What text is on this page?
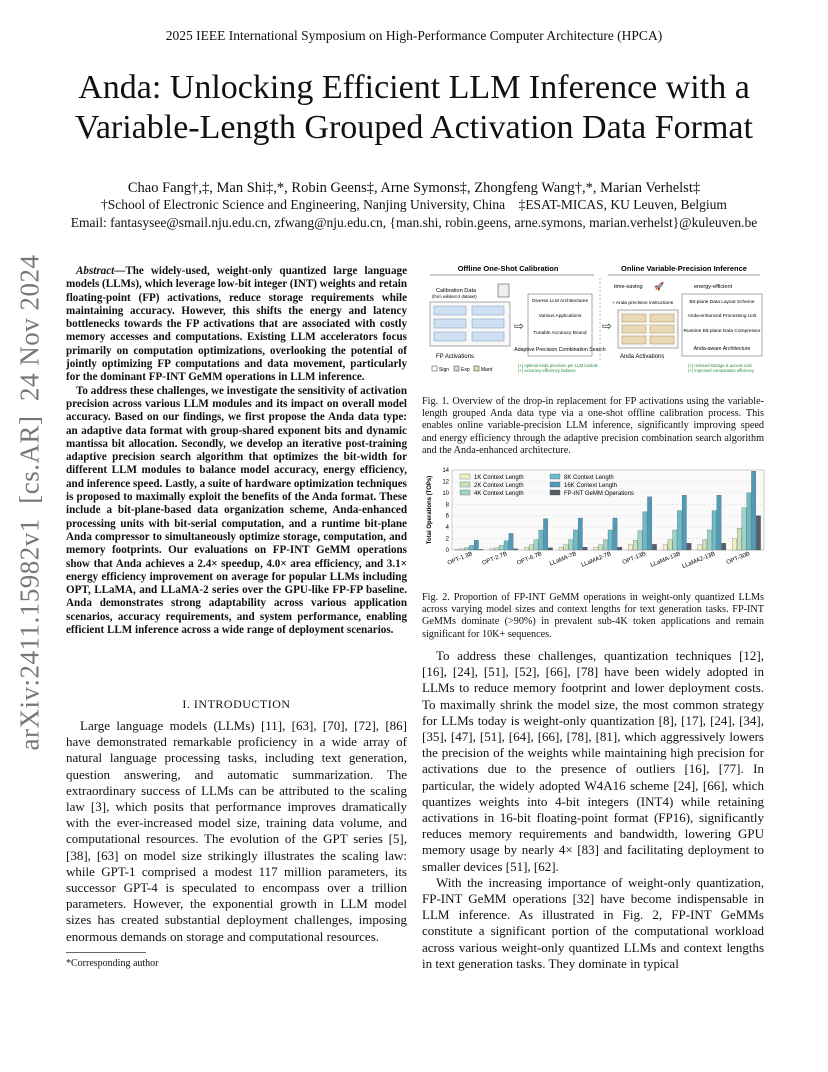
2025 IEEE International Symposium on High-Performance Computer Architecture (HPCA)
Anda: Unlocking Efficient LLM Inference with a Variable-Length Grouped Activation Data Format
Chao Fang†,‡, Man Shi‡,*, Robin Geens‡, Arne Symons‡, Zhongfeng Wang†,*, Marian Verhelst‡
†School of Electronic Science and Engineering, Nanjing University, China    ‡ESAT-MICAS, KU Leuven, Belgium
Email: fantasysee@smail.nju.edu.cn, zfwang@nju.edu.cn, {man.shi, robin.geens, arne.symons, marian.verhelst}@kuleuven.be
arXiv:2411.15982v1  [cs.AR]  24 Nov 2024	Abstract—The widely-used, weight-only quantized large language models (LLMs), which leverage low-bit integer (INT) weights and retain floating-point (FP) activations, reduce storage requirements while maintaining accuracy. However, this shifts the energy and latency bottlenecks towards the FP activations that are associated with costly memory accesses and computations. Existing LLM accelerators focus primarily on computation optimizations, overlooking the potential of jointly optimizing FP computations and data movement, particularly for the dominant FP-INT GeMM operations in LLM inference.

To address these challenges, we investigate the sensitivity of activation precision across various LLM modules and its impact on overall model accuracy. Based on our findings, we first propose the Anda data type: an adaptive data format with group-shared exponent bits and dynamic mantissa bit allocation. Secondly, we develop an iterative post-training adaptive precision search algorithm that optimizes the bit-width for different LLM modules to balance model accuracy, energy efficiency, and inference speed. Lastly, a suite of hardware optimization techniques is proposed to maximally exploit the benefits of the Anda format. These include a bit-plane-based data organization scheme, Anda-enhanced processing units with bit-serial computation, and a runtime bit-plane Anda compressor to simultaneously optimize storage, computation, and memory footprints. Our evaluations on FP-INT GeMM operations show that Anda achieves a 2.4× speedup, 4.0× area efficiency, and 3.1× energy efficiency improvement on average for popular LLMs including OPT, LLaMA, and LLaMA-2 series over the GPU-like FP-FP baseline. Anda demonstrates strong adaptability across various application scenarios, accuracy requirements, and system performance, enabling efficient LLM inference across a wide range of deployment scenarios.

I. INTRODUCTION

Large language models (LLMs) [11], [63], [70], [72], [86] have demonstrated remarkable proficiency in a wide array of natural language processing tasks, including text generation, question answering, and automatic summarization. The extraordinary success of LLMs can be attributed to the scaling law [3], which posits that performance improves dramatically with the ever-increased model size, training data volume, and computational resources. The evolution of the GPT series [5], [38], [63] on model size strikingly illustrates the scaling law: while GPT-1 comprised a modest 117 million parameters, its successor GPT-4 is speculated to encompass over a trillion parameters. However, the exponential growth in LLM model sizes has created substantial deployment challenges, imposing enormous demands on storage and computational resources.

*Corresponding author
Offline One-Shot Calibration	Online Variable-Precision Inference
Calibration Data
(from wikitext-2 dataset)
FP Activations
⇨
Diverse LLM Architectures
Various Applications
Tunable Accuracy Bound
Adaptive Precision Combination Search
+ Anda precision instructions
⇨
Anda Activations
time-saving	energy-efficient
🚀
Bit-plane Data Layout Scheme
Anda-enhanced Processing Unit
Runtime Bit-plane Data Compressor
Anda-aware Architecture
Sign Exp Mant
(+) optimal Anda precision per LLM module (+) accuracy-efficiency balance
(+) reduced storage & access cost (+) improved computation efficiency
Fig. 1. Overview of the drop-in replacement for FP activations using the variable-length grouped Anda data type via a one-shot offline calibration process. This enables online variable-precision LLM inference, significantly improving speed and energy efficiency through the adaptive precision combination search algorithm and the Anda-enhanced architecture.
0
2
4
6
8
10
12
14
Total Operations (TOPs)
OPT-1.3B OPT-2.7B OPT-6.7B LLaMA-7B LLaMA2-7B OPT-13B LLaMA-13B LLaMA2-13B OPT-30B
1K Context Length
2K Context Length
4K Context Length
8K Context Length
16K Context Length
FP-INT GeMM Operations
Fig. 2. Proportion of FP-INT GeMM operations in weight-only quantized LLMs across varying model sizes and context lengths for text generation tasks. FP-INT GeMMs dominate (>90%) in prevalent sub-4K token applications and remain significant for 10K+ sequences.

To address these challenges, quantization techniques [12], [16], [24], [51], [52], [66], [78] have been widely adopted in LLMs to reduce memory footprint and lower deployment costs. To maximally shrink the model size, the most common strategy for LLMs today is weight-only quantization [8], [17], [24], [34], [35], [47], [51], [64], [66], [78], [81], which aggressively lowers the precision of the weights while maintaining high precision for activations due to the presence of outliers [16], [77]. In particular, the widely adopted W4A16 scheme [24], [66], which quantizes weights into 4-bit integers (INT4) while retaining activations in 16-bit floating-point format (FP16), significantly reduces memory requirements and bandwidth, lowering GPU memory usage by nearly 4× [83] and facilitating deployment to smaller devices [51], [62].

With the increasing importance of weight-only quantization, FP-INT GeMM operations [32] have become indispensable in LLM inference. As illustrated in Fig. 2, FP-INT GeMMs constitute a significant portion of the computational workload across various weight-only quantized LLMs and context lengths in text generation tasks. They dominate in typical
